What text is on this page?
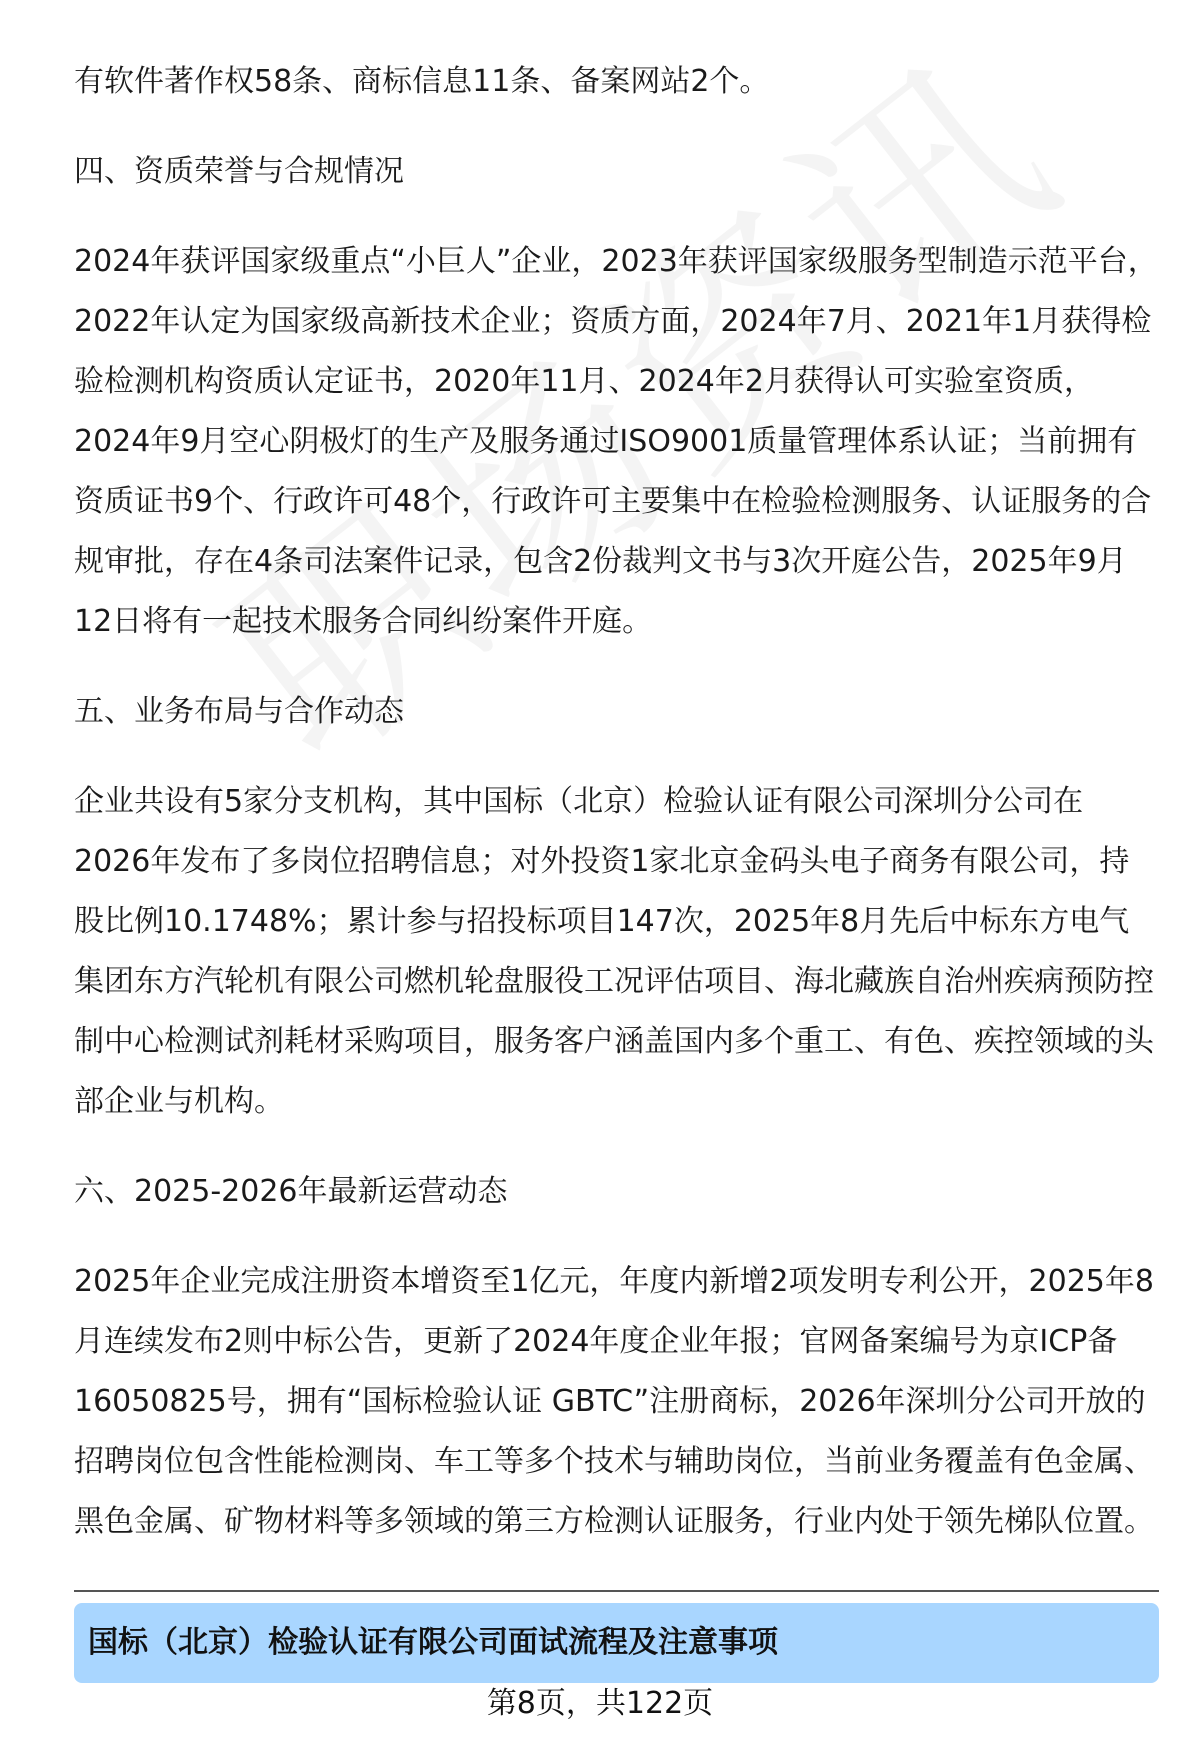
有软件著作权58条、商标信息11条、备案网站2个。

四、资质荣誉与合规情况

2024年获评国家级重点“小巨人”企业，2023年获评国家级服务型制造示范平台，2022年认定为国家级高新技术企业；资质方面，2024年7月、2021年1月获得检验检测机构资质认定证书，2020年11月、2024年2月获得认可实验室资质，2024年9月空心阴极灯的生产及服务通过ISO9001质量管理体系认证；当前拥有资质证书9个、行政许可48个，行政许可主要集中在检验检测服务、认证服务的合规审批，存在4条司法案件记录，包含2份裁判文书与3次开庭公告，2025年9月12日将有一起技术服务合同纠纷案件开庭。

五、业务布局与合作动态

企业共设有5家分支机构，其中国标（北京）检验认证有限公司深圳分公司在2026年发布了多岗位招聘信息；对外投资1家北京金码头电子商务有限公司，持股比例10.1748%；累计参与招投标项目147次，2025年8月先后中标东方电气集团东方汽轮机有限公司燃机轮盘服役工况评估项目、海北藏族自治州疾病预防控制中心检测试剂耗材采购项目，服务客户涵盖国内多个重工、有色、疾控领域的头部企业与机构。

六、2025-2026年最新运营动态

2025年企业完成注册资本增资至1亿元，年度内新增2项发明专利公开，2025年8月连续发布2则中标公告，更新了2024年度企业年报；官网备案编号为京ICP备16050825号，拥有“国标检验认证 GBTC”注册商标，2026年深圳分公司开放的招聘岗位包含性能检测岗、车工等多个技术与辅助岗位，当前业务覆盖有色金属、黑色金属、矿物材料等多领域的第三方检测认证服务，行业内处于领先梯队位置。

国标（北京）检验认证有限公司面试流程及注意事项
第8页，共122页
